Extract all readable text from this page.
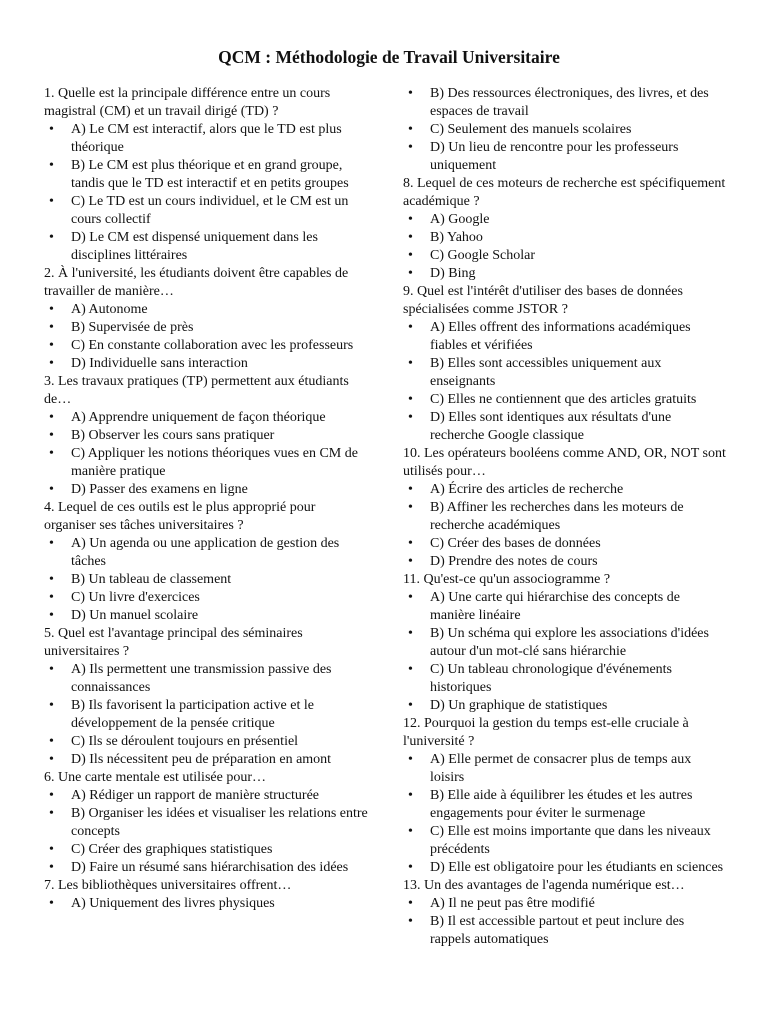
QCM : Méthodologie de Travail Universitaire

1. Quelle est la principale différence entre un cours magistral (CM) et un travail dirigé (TD) ?

• A) Le CM est interactif, alors que le TD est plus théorique
• B) Le CM est plus théorique et en grand groupe, tandis que le TD est interactif et en petits groupes
• C) Le TD est un cours individuel, et le CM est un cours collectif
• D) Le CM est dispensé uniquement dans les disciplines littéraires

2. À l'université, les étudiants doivent être capables de travailler de manière…

• A) Autonome
• B) Supervisée de près
• C) En constante collaboration avec les professeurs
• D) Individuelle sans interaction

3. Les travaux pratiques (TP) permettent aux étudiants de…

• A) Apprendre uniquement de façon théorique
• B) Observer les cours sans pratiquer
• C) Appliquer les notions théoriques vues en CM de manière pratique
• D) Passer des examens en ligne

4. Lequel de ces outils est le plus approprié pour organiser ses tâches universitaires ?

• A) Un agenda ou une application de gestion des tâches
• B) Un tableau de classement
• C) Un livre d'exercices
• D) Un manuel scolaire

5. Quel est l'avantage principal des séminaires universitaires ?

• A) Ils permettent une transmission passive des connaissances
• B) Ils favorisent la participation active et le développement de la pensée critique
• C) Ils se déroulent toujours en présentiel
• D) Ils nécessitent peu de préparation en amont

6. Une carte mentale est utilisée pour…

• A) Rédiger un rapport de manière structurée
• B) Organiser les idées et visualiser les relations entre concepts
• C) Créer des graphiques statistiques
• D) Faire un résumé sans hiérarchisation des idées

7. Les bibliothèques universitaires offrent…

• A) Uniquement des livres physiques
• B) Des ressources électroniques, des livres, et des espaces de travail
• C) Seulement des manuels scolaires
• D) Un lieu de rencontre pour les professeurs uniquement

8. Lequel de ces moteurs de recherche est spécifiquement académique ?

• A) Google
• B) Yahoo
• C) Google Scholar
• D) Bing

9. Quel est l'intérêt d'utiliser des bases de données spécialisées comme JSTOR ?

• A) Elles offrent des informations académiques fiables et vérifiées
• B) Elles sont accessibles uniquement aux enseignants
• C) Elles ne contiennent que des articles gratuits
• D) Elles sont identiques aux résultats d'une recherche Google classique

10. Les opérateurs booléens comme AND, OR, NOT sont utilisés pour…

• A) Écrire des articles de recherche
• B) Affiner les recherches dans les moteurs de recherche académiques
• C) Créer des bases de données
• D) Prendre des notes de cours

11. Qu'est-ce qu'un associogramme ?

• A) Une carte qui hiérarchise des concepts de manière linéaire
• B) Un schéma qui explore les associations d'idées autour d'un mot-clé sans hiérarchie
• C) Un tableau chronologique d'événements historiques
• D) Un graphique de statistiques

12. Pourquoi la gestion du temps est-elle cruciale à l'université ?

• A) Elle permet de consacrer plus de temps aux loisirs
• B) Elle aide à équilibrer les études et les autres engagements pour éviter le surmenage
• C) Elle est moins importante que dans les niveaux précédents
• D) Elle est obligatoire pour les étudiants en sciences

13. Un des avantages de l'agenda numérique est…

• A) Il ne peut pas être modifié
• B) Il est accessible partout et peut inclure des rappels automatiques
